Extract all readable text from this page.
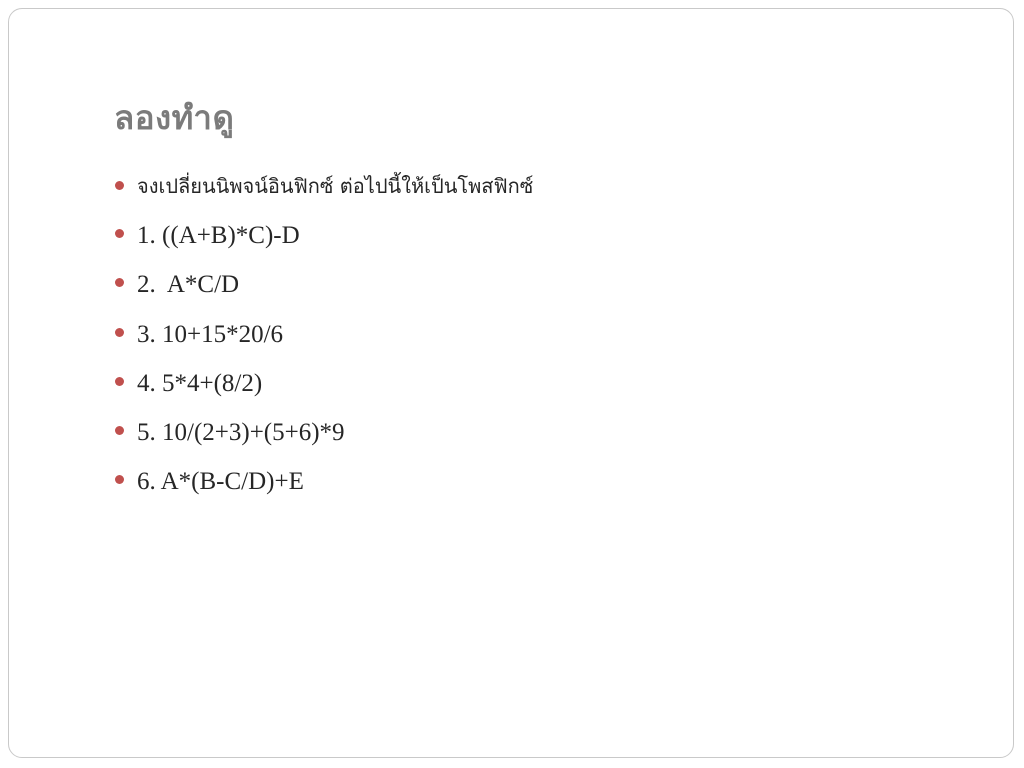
ลองทำดู
จงเปลี่ยนนิพจน์อินฟิกซ์ ต่อไปนี้ให้เป็นโพสฟิกซ์
1. ((A+B)*C)-D
2.  A*C/D
3. 10+15*20/6
4. 5*4+(8/2)
5. 10/(2+3)+(5+6)*9
6. A*(B-C/D)+E
